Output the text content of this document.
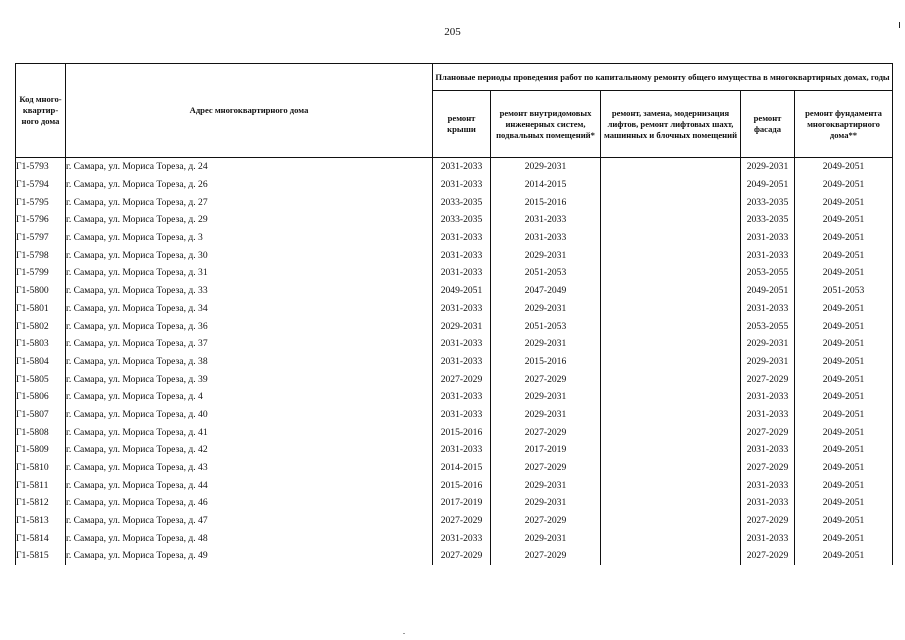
205
Код много-квартир-ного дома	Адрес многоквартирного дома	Плановые периоды проведения работ по капитальному ремонту общего имущества в многоквартирных домах, годы				
		ремонт крыши	ремонт внутридомовых инженерных систем, подвальных помещений*	ремонт, замена, модернизация лифтов, ремонт лифтовых шахт, машинных и блочных помещений	ремонт фасада	ремонт фундамента многоквартирного дома**
Г1-5793	г. Самара, ул. Мориса Тореза, д. 24	2031-2033	2029-2031		2029-2031	2049-2051
Г1-5794	г. Самара, ул. Мориса Тореза, д. 26	2031-2033	2014-2015		2049-2051	2049-2051
Г1-5795	г. Самара, ул. Мориса Тореза, д. 27	2033-2035	2015-2016		2033-2035	2049-2051
Г1-5796	г. Самара, ул. Мориса Тореза, д. 29	2033-2035	2031-2033		2033-2035	2049-2051
Г1-5797	г. Самара, ул. Мориса Тореза, д. 3	2031-2033	2031-2033		2031-2033	2049-2051
Г1-5798	г. Самара, ул. Мориса Тореза, д. 30	2031-2033	2029-2031		2031-2033	2049-2051
Г1-5799	г. Самара, ул. Мориса Тореза, д. 31	2031-2033	2051-2053		2053-2055	2049-2051
Г1-5800	г. Самара, ул. Мориса Тореза, д. 33	2049-2051	2047-2049		2049-2051	2051-2053
Г1-5801	г. Самара, ул. Мориса Тореза, д. 34	2031-2033	2029-2031		2031-2033	2049-2051
Г1-5802	г. Самара, ул. Мориса Тореза, д. 36	2029-2031	2051-2053		2053-2055	2049-2051
Г1-5803	г. Самара, ул. Мориса Тореза, д. 37	2031-2033	2029-2031		2029-2031	2049-2051
Г1-5804	г. Самара, ул. Мориса Тореза, д. 38	2031-2033	2015-2016		2029-2031	2049-2051
Г1-5805	г. Самара, ул. Мориса Тореза, д. 39	2027-2029	2027-2029		2027-2029	2049-2051
Г1-5806	г. Самара, ул. Мориса Тореза, д. 4	2031-2033	2029-2031		2031-2033	2049-2051
Г1-5807	г. Самара, ул. Мориса Тореза, д. 40	2031-2033	2029-2031		2031-2033	2049-2051
Г1-5808	г. Самара, ул. Мориса Тореза, д. 41	2015-2016	2027-2029		2027-2029	2049-2051
Г1-5809	г. Самара, ул. Мориса Тореза, д. 42	2031-2033	2017-2019		2031-2033	2049-2051
Г1-5810	г. Самара, ул. Мориса Тореза, д. 43	2014-2015	2027-2029		2027-2029	2049-2051
Г1-5811	г. Самара, ул. Мориса Тореза, д. 44	2015-2016	2029-2031		2031-2033	2049-2051
Г1-5812	г. Самара, ул. Мориса Тореза, д. 46	2017-2019	2029-2031		2031-2033	2049-2051
Г1-5813	г. Самара, ул. Мориса Тореза, д. 47	2027-2029	2027-2029		2027-2029	2049-2051
Г1-5814	г. Самара, ул. Мориса Тореза, д. 48	2031-2033	2029-2031		2031-2033	2049-2051
Г1-5815	г. Самара, ул. Мориса Тореза, д. 49	2027-2029	2027-2029		2027-2029	2049-2051
